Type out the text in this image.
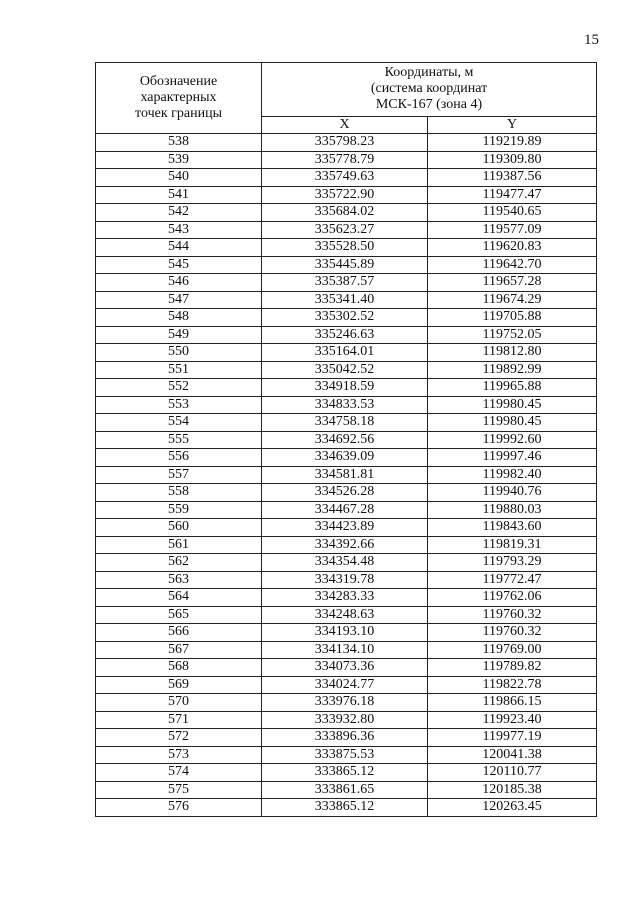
15
Обозначение
характерных
точек границы	Координаты, м
(система координат
МСК-167 (зона 4)	

	X	Y
538	335798.23	119219.89
539	335778.79	119309.80
540	335749.63	119387.56
541	335722.90	119477.47
542	335684.02	119540.65
543	335623.27	119577.09
544	335528.50	119620.83
545	335445.89	119642.70
546	335387.57	119657.28
547	335341.40	119674.29
548	335302.52	119705.88
549	335246.63	119752.05
550	335164.01	119812.80
551	335042.52	119892.99
552	334918.59	119965.88
553	334833.53	119980.45
554	334758.18	119980.45
555	334692.56	119992.60
556	334639.09	119997.46
557	334581.81	119982.40
558	334526.28	119940.76
559	334467.28	119880.03
560	334423.89	119843.60
561	334392.66	119819.31
562	334354.48	119793.29
563	334319.78	119772.47
564	334283.33	119762.06
565	334248.63	119760.32
566	334193.10	119760.32
567	334134.10	119769.00
568	334073.36	119789.82
569	334024.77	119822.78
570	333976.18	119866.15
571	333932.80	119923.40
572	333896.36	119977.19
573	333875.53	120041.38
574	333865.12	120110.77
575	333861.65	120185.38
576	333865.12	120263.45
